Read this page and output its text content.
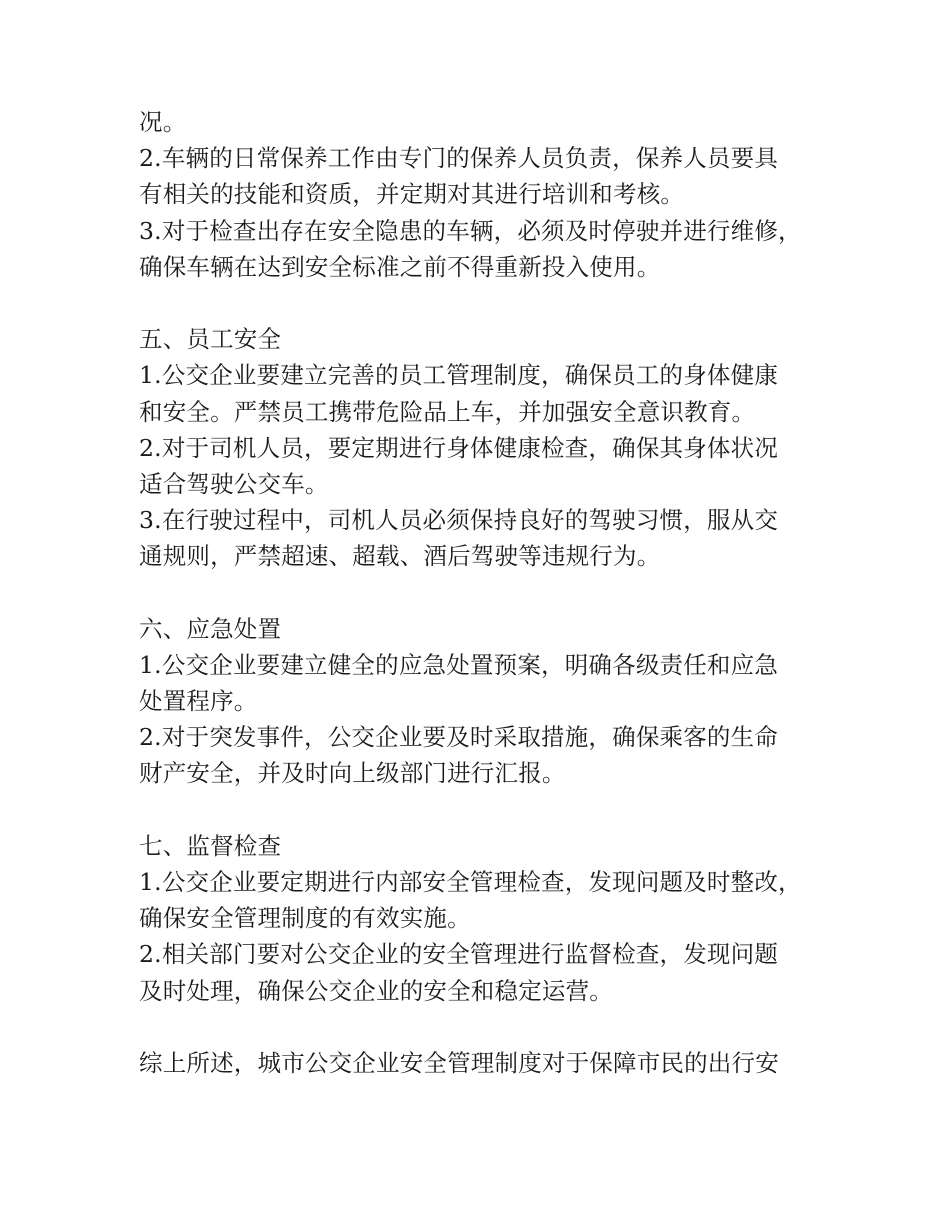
况。
2.车辆的日常保养工作由专门的保养人员负责，保养人员要具
有相关的技能和资质，并定期对其进行培训和考核。
3.对于检查出存在安全隐患的车辆，必须及时停驶并进行维修，
确保车辆在达到安全标准之前不得重新投入使用。
五、员工安全
1.公交企业要建立完善的员工管理制度，确保员工的身体健康
和安全。严禁员工携带危险品上车，并加强安全意识教育。
2.对于司机人员，要定期进行身体健康检查，确保其身体状况
适合驾驶公交车。
3.在行驶过程中，司机人员必须保持良好的驾驶习惯，服从交
通规则，严禁超速、超载、酒后驾驶等违规行为。
六、应急处置
1.公交企业要建立健全的应急处置预案，明确各级责任和应急
处置程序。
2.对于突发事件，公交企业要及时采取措施，确保乘客的生命
财产安全，并及时向上级部门进行汇报。
七、监督检查
1.公交企业要定期进行内部安全管理检查，发现问题及时整改，
确保安全管理制度的有效实施。
2.相关部门要对公交企业的安全管理进行监督检查，发现问题
及时处理，确保公交企业的安全和稳定运营。
综上所述，城市公交企业安全管理制度对于保障市民的出行安
